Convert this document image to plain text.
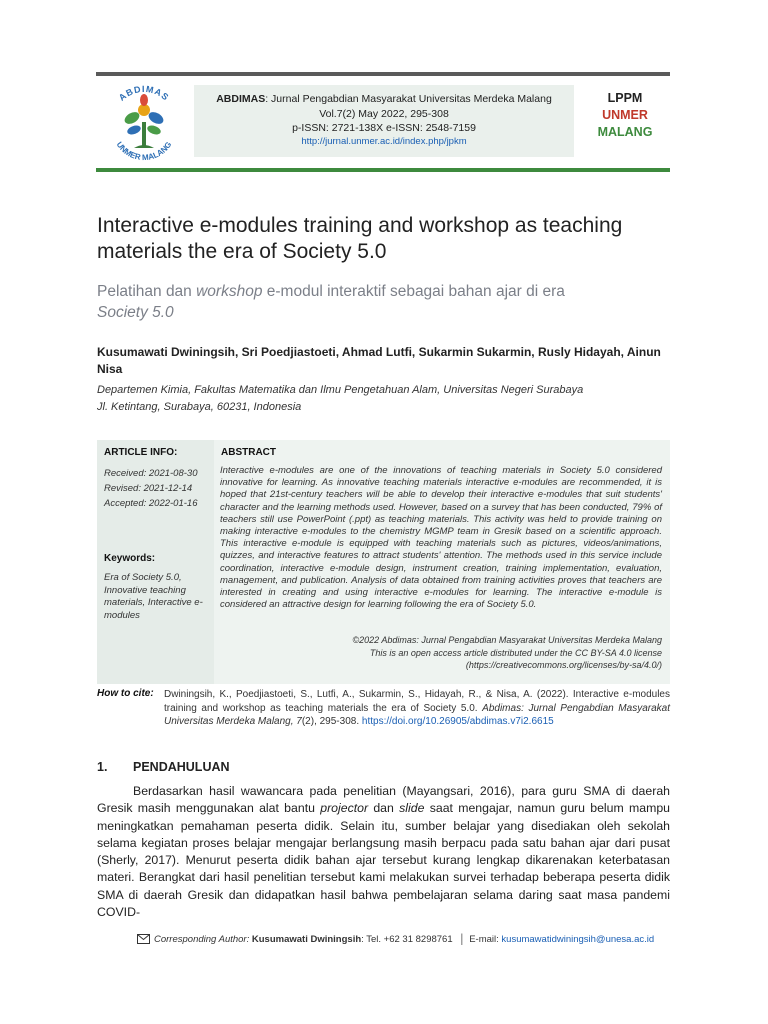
ABDIMAS
UNMER MALANG
ABDIMAS: Jurnal Pengabdian Masyarakat Universitas Merdeka Malang
Vol.7(2) May 2022, 295-308
p-ISSN: 2721-138X e-ISSN: 2548-7159
http://jurnal.unmer.ac.id/index.php/jpkm
LPPM
UNMER
MALANG
Interactive e-modules training and workshop as teaching materials the era of Society 5.0
Pelatihan dan workshop e-modul interaktif sebagai bahan ajar di era Society 5.0
Kusumawati Dwiningsih, Sri Poedjiastoeti, Ahmad Lutfi, Sukarmin Sukarmin, Rusly Hidayah, Ainun Nisa
Departemen Kimia, Fakultas Matematika dan Ilmu Pengetahuan Alam, Universitas Negeri Surabaya
Jl. Ketintang, Surabaya, 60231, Indonesia
ARTICLE INFO:
Received: 2021-08-30
Revised: 2021-12-14
Accepted: 2022-01-16
Keywords:
Era of Society 5.0, Innovative teaching materials, Interactive e-modules
ABSTRACT
Interactive e-modules are one of the innovations of teaching materials in Society 5.0 considered innovative for learning. As innovative teaching materials interactive e-modules are recommended, it is hoped that 21st-century teachers will be able to develop their interactive e-modules that suit students' character and the learning methods used. However, based on a survey that has been conducted, 79% of teachers still use PowerPoint (.ppt) as teaching materials. This activity was held to provide training on making interactive e-modules to the chemistry MGMP team in Gresik based on a scientific approach. This interactive e-module is equipped with teaching materials such as pictures, videos/animations, quizzes, and interactive features to attract students' attention. The methods used in this service include coordination, interactive e-module design, instrument creation, training implementation, evaluation, management, and publication. Analysis of data obtained from training activities proves that teachers are interested in creating and using interactive e-modules for learning. The interactive e-module is considered an attractive design for learning following the era of Society 5.0.
©2022 Abdimas: Jurnal Pengabdian Masyarakat Universitas Merdeka Malang
This is an open access article distributed under the CC BY-SA 4.0 license
(https://creativecommons.org/licenses/by-sa/4.0/)
How to cite: Dwiningsih, K., Poedjiastoeti, S., Lutfi, A., Sukarmin, S., Hidayah, R., & Nisa, A. (2022). Interactive e-modules training and workshop as teaching materials the era of Society 5.0. Abdimas: Jurnal Pengabdian Masyarakat Universitas Merdeka Malang, 7(2), 295-308. https://doi.org/10.26905/abdimas.v7i2.6615
1. PENDAHULUAN
Berdasarkan hasil wawancara pada penelitian (Mayangsari, 2016), para guru SMA di daerah Gresik masih menggunakan alat bantu projector dan slide saat mengajar, namun guru belum mampu meningkatkan pemahaman peserta didik. Selain itu, sumber belajar yang disediakan oleh sekolah selama kegiatan proses belajar mengajar berlangsung masih berpacu pada satu bahan ajar dari pusat (Sherly, 2017). Menurut peserta didik bahan ajar tersebut kurang lengkap dikarenakan keterbatasan materi. Berangkat dari hasil penelitian tersebut kami melakukan survei terhadap beberapa peserta didik SMA di daerah Gresik dan didapatkan hasil bahwa pembelajaran selama daring saat masa pandemi COVID-
Corresponding Author: Kusumawati Dwiningsih: Tel. +62 31 8298761 │ E-mail: kusumawatidwiningsih@unesa.ac.id
